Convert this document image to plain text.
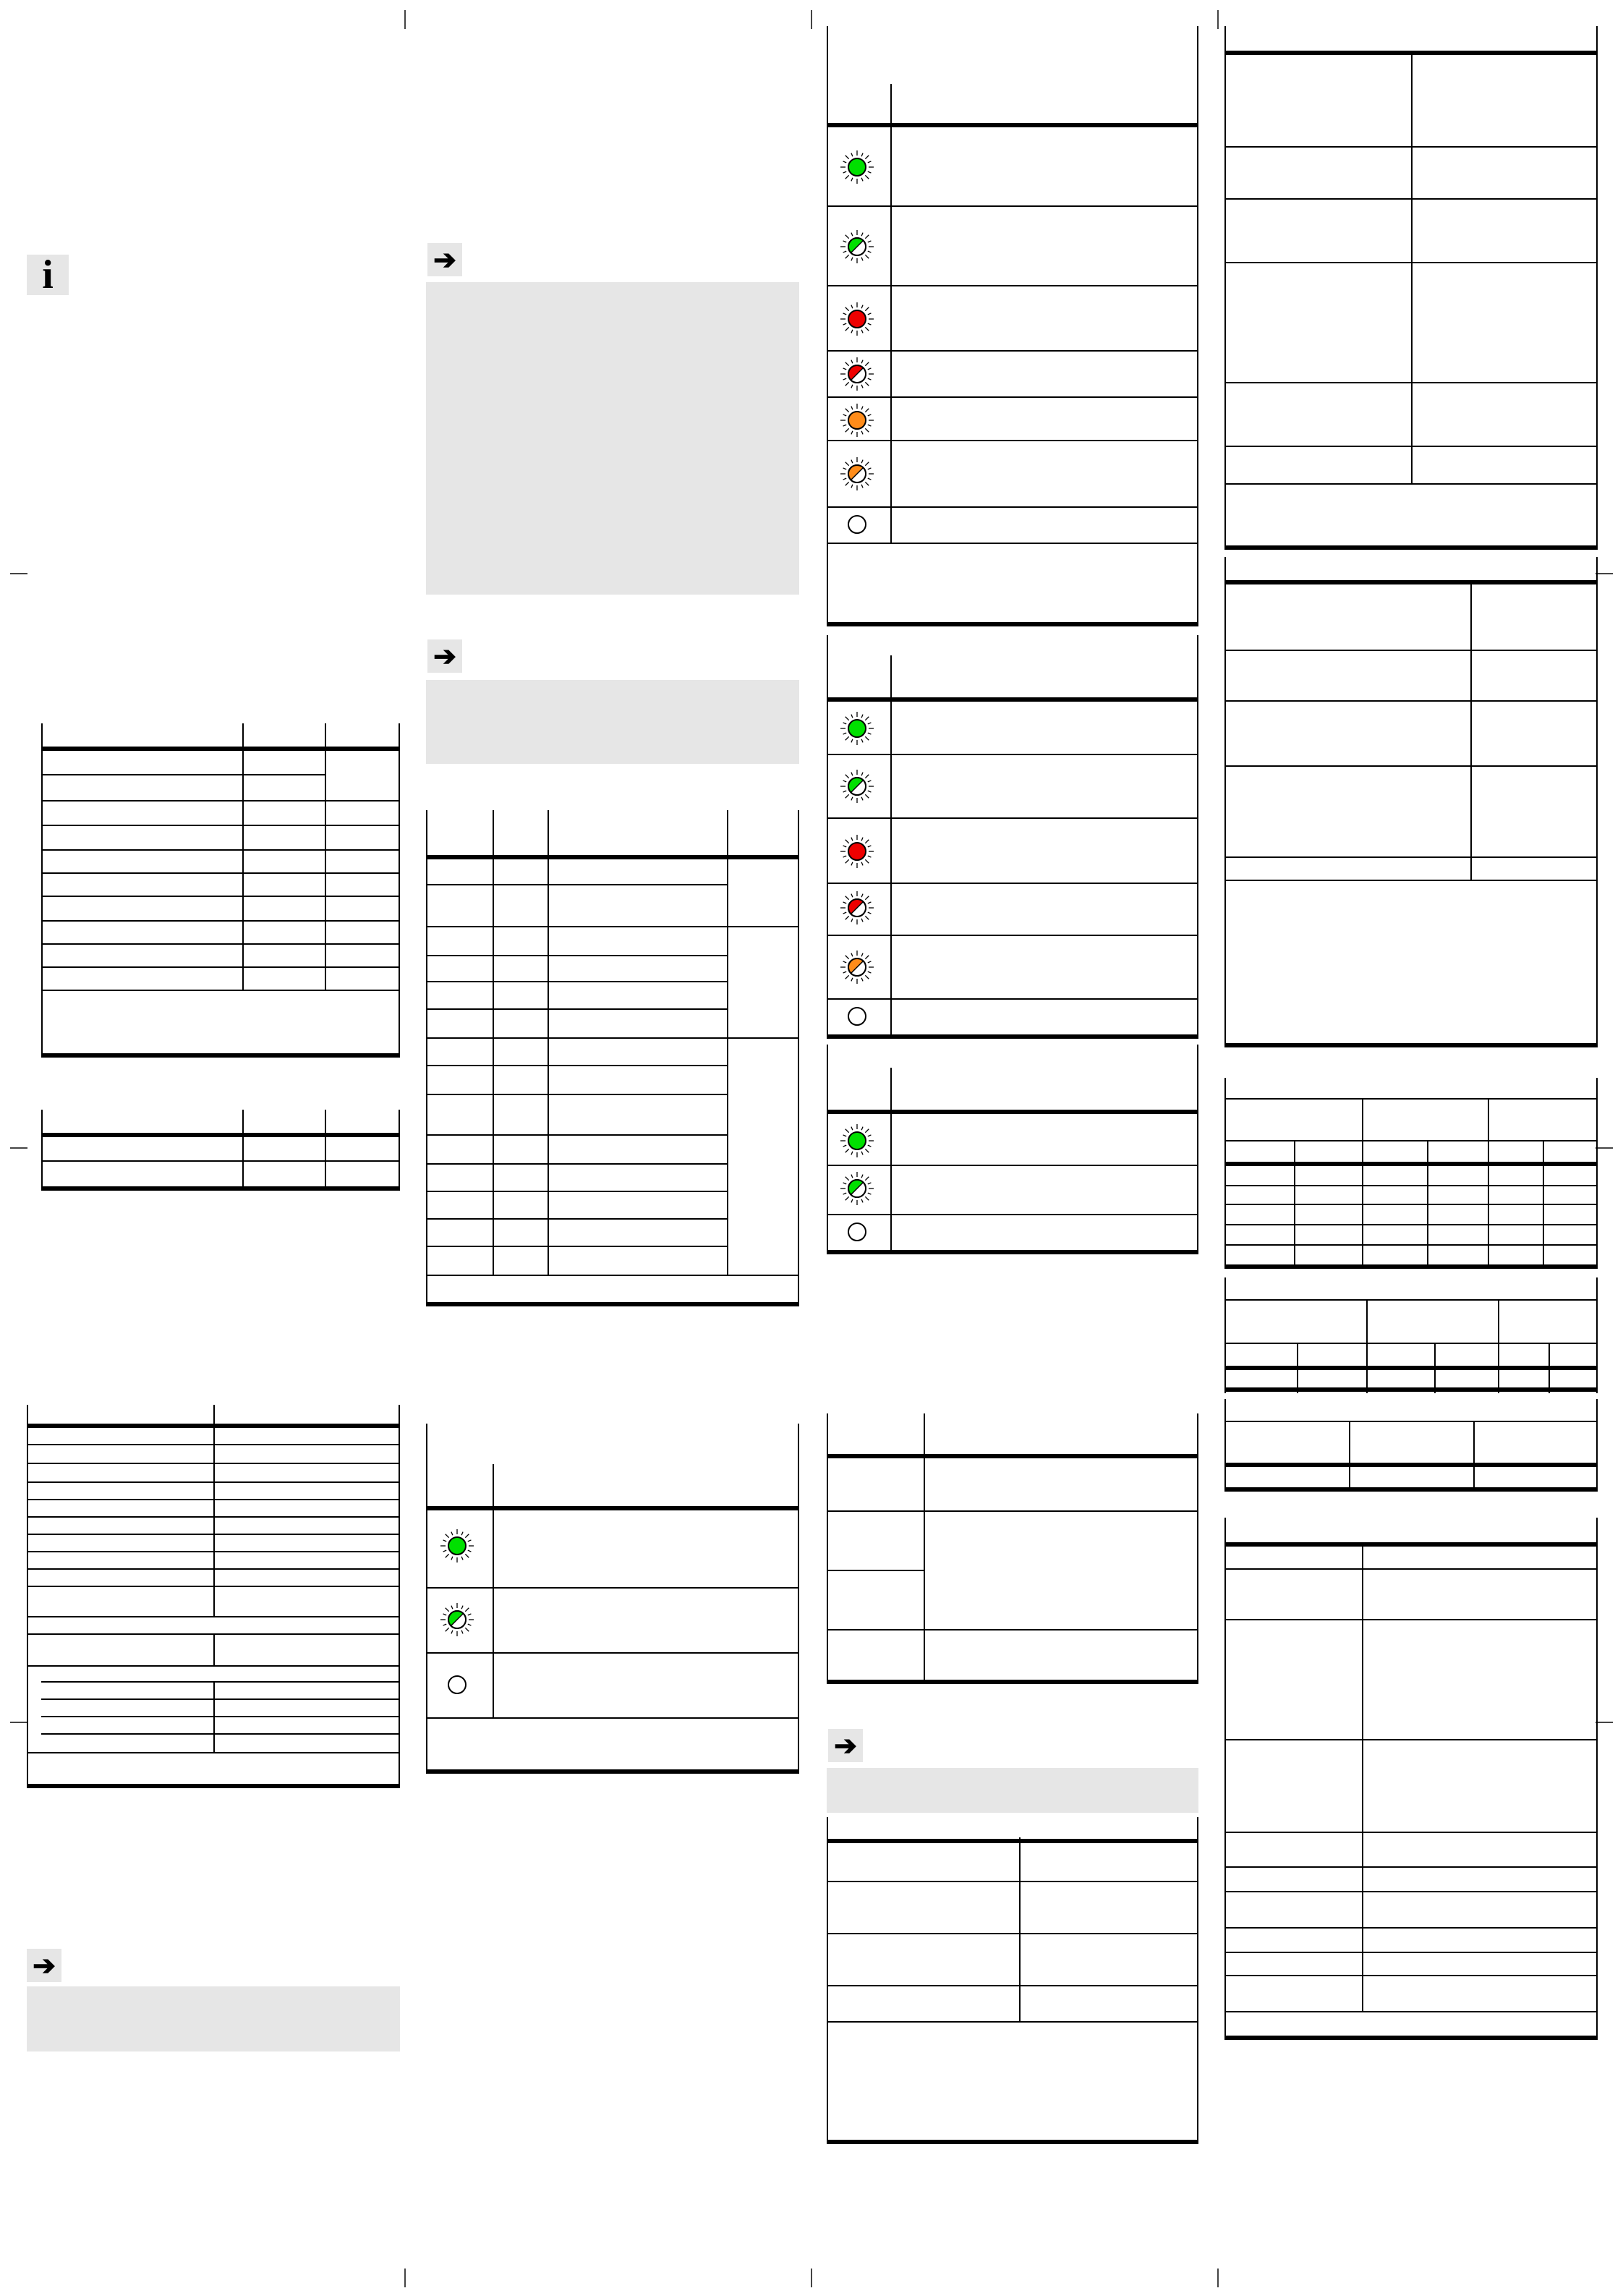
i
➔
➔
➔
➔
